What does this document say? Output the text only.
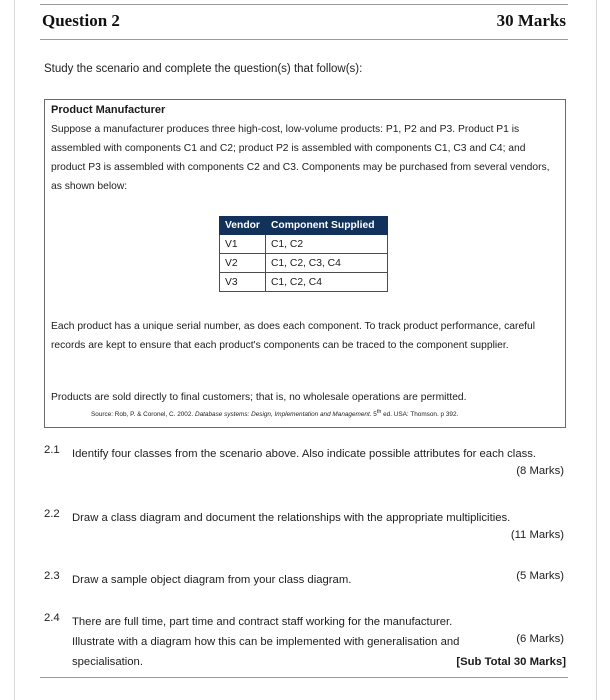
Question 2	30 Marks
Study the scenario and complete the question(s) that follow(s):
Product Manufacturer
Suppose a manufacturer produces three high-cost, low-volume products: P1, P2 and P3. Product P1 is assembled with components C1 and C2; product P2 is assembled with components C1, C3 and C4; and product P3 is assembled with components C2 and C3. Components may be purchased from several vendors, as shown below:
Vendor	Component Supplied
V1	C1, C2
V2	C1, C2, C3, C4
V3	C1, C2, C4
Each product has a unique serial number, as does each component. To track product performance, careful records are kept to ensure that each product's components can be traced to the component supplier.
Products are sold directly to final customers; that is, no wholesale operations are permitted.
Source: Rob, P. & Coronel, C. 2002. Database systems: Design, Implementation and Management. 5th ed. USA: Thomson. p 392.
2.1 Identify four classes from the scenario above. Also indicate possible attributes for each class.
(8 Marks)
2.2 Draw a class diagram and document the relationships with the appropriate multiplicities.
(11 Marks)
2.3 Draw a sample object diagram from your class diagram.	(5 Marks)
2.4 There are full time, part time and contract staff working for the manufacturer. Illustrate with a diagram how this can be implemented with generalisation and specialisation.
(6 Marks)
[Sub Total 30 Marks]
